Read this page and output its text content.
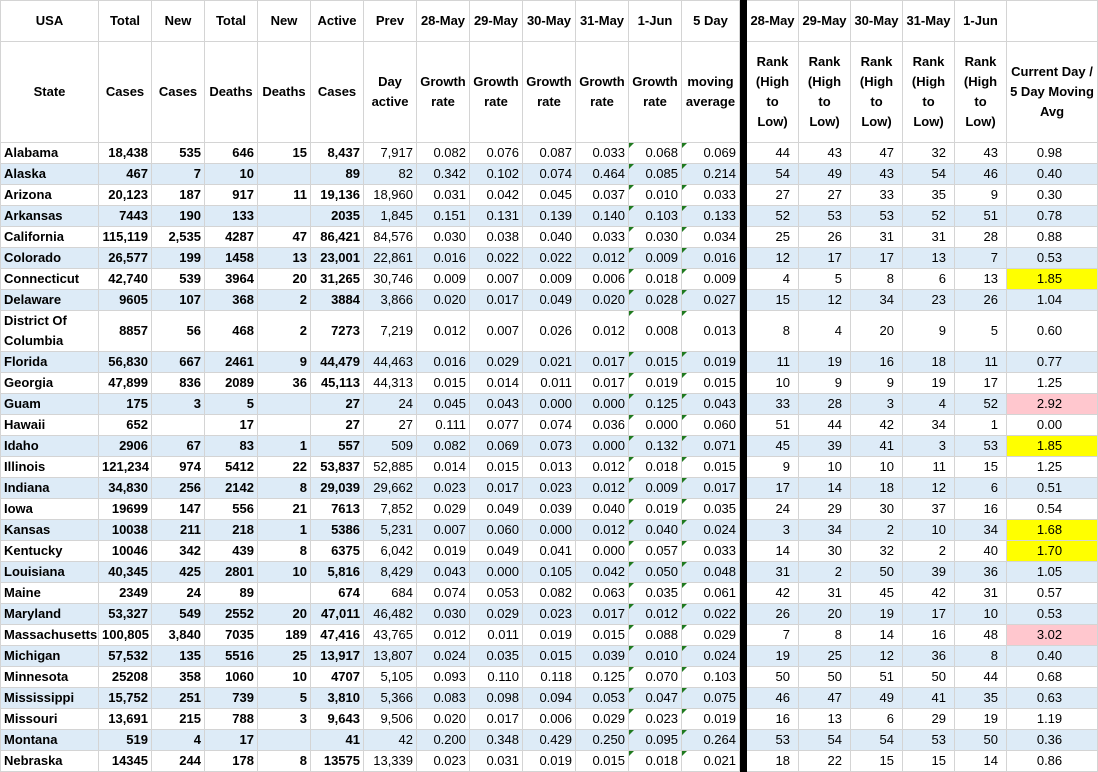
USA	Total	New	Total	New	Active	Prev	28-May	29-May	30-May	31-May	1-Jun	5 Day		28-May	29-May	30-May	31-May	1-Jun	
State	Cases	Cases	Deaths	Deaths	Cases	Day active	Growth rate	Growth rate	Growth rate	Growth rate	Growth rate	moving average		Rank (High to Low)	Rank (High to Low)	Rank (High to Low)	Rank (High to Low)	Rank (High to Low)	Current Day / 5 Day Moving Avg
Alabama	18,438	535	646	15	8,437	7,917	0.082	0.076	0.087	0.033	0.068	0.069		44	43	47	32	43	0.98
Alaska	467	7	10		89	82	0.342	0.102	0.074	0.464	0.085	0.214		54	49	43	54	46	0.40
Arizona	20,123	187	917	11	19,136	18,960	0.031	0.042	0.045	0.037	0.010	0.033		27	27	33	35	9	0.30
Arkansas	7443	190	133		2035	1,845	0.151	0.131	0.139	0.140	0.103	0.133		52	53	53	52	51	0.78
California	115,119	2,535	4287	47	86,421	84,576	0.030	0.038	0.040	0.033	0.030	0.034		25	26	31	31	28	0.88
Colorado	26,577	199	1458	13	23,001	22,861	0.016	0.022	0.022	0.012	0.009	0.016		12	17	17	13	7	0.53
Connecticut	42,740	539	3964	20	31,265	30,746	0.009	0.007	0.009	0.006	0.018	0.009		4	5	8	6	13	1.85
Delaware	9605	107	368	2	3884	3,866	0.020	0.017	0.049	0.020	0.028	0.027		15	12	34	23	26	1.04
District Of Columbia	8857	56	468	2	7273	7,219	0.012	0.007	0.026	0.012	0.008	0.013		8	4	20	9	5	0.60
Florida	56,830	667	2461	9	44,479	44,463	0.016	0.029	0.021	0.017	0.015	0.019		11	19	16	18	11	0.77
Georgia	47,899	836	2089	36	45,113	44,313	0.015	0.014	0.011	0.017	0.019	0.015		10	9	9	19	17	1.25
Guam	175	3	5		27	24	0.045	0.043	0.000	0.000	0.125	0.043		33	28	3	4	52	2.92
Hawaii	652		17		27	27	0.111	0.077	0.074	0.036	0.000	0.060		51	44	42	34	1	0.00
Idaho	2906	67	83	1	557	509	0.082	0.069	0.073	0.000	0.132	0.071		45	39	41	3	53	1.85
Illinois	121,234	974	5412	22	53,837	52,885	0.014	0.015	0.013	0.012	0.018	0.015		9	10	10	11	15	1.25
Indiana	34,830	256	2142	8	29,039	29,662	0.023	0.017	0.023	0.012	0.009	0.017		17	14	18	12	6	0.51
Iowa	19699	147	556	21	7613	7,852	0.029	0.049	0.039	0.040	0.019	0.035		24	29	30	37	16	0.54
Kansas	10038	211	218	1	5386	5,231	0.007	0.060	0.000	0.012	0.040	0.024		3	34	2	10	34	1.68
Kentucky	10046	342	439	8	6375	6,042	0.019	0.049	0.041	0.000	0.057	0.033		14	30	32	2	40	1.70
Louisiana	40,345	425	2801	10	5,816	8,429	0.043	0.000	0.105	0.042	0.050	0.048		31	2	50	39	36	1.05
Maine	2349	24	89		674	684	0.074	0.053	0.082	0.063	0.035	0.061		42	31	45	42	31	0.57
Maryland	53,327	549	2552	20	47,011	46,482	0.030	0.029	0.023	0.017	0.012	0.022		26	20	19	17	10	0.53
Massachusetts	100,805	3,840	7035	189	47,416	43,765	0.012	0.011	0.019	0.015	0.088	0.029		7	8	14	16	48	3.02
Michigan	57,532	135	5516	25	13,917	13,807	0.024	0.035	0.015	0.039	0.010	0.024		19	25	12	36	8	0.40
Minnesota	25208	358	1060	10	4707	5,105	0.093	0.110	0.118	0.125	0.070	0.103		50	50	51	50	44	0.68
Mississippi	15,752	251	739	5	3,810	5,366	0.083	0.098	0.094	0.053	0.047	0.075		46	47	49	41	35	0.63
Missouri	13,691	215	788	3	9,643	9,506	0.020	0.017	0.006	0.029	0.023	0.019		16	13	6	29	19	1.19
Montana	519	4	17		41	42	0.200	0.348	0.429	0.250	0.095	0.264		53	54	54	53	50	0.36
Nebraska	14345	244	178	8	13575	13,339	0.023	0.031	0.019	0.015	0.018	0.021		18	22	15	15	14	0.86
